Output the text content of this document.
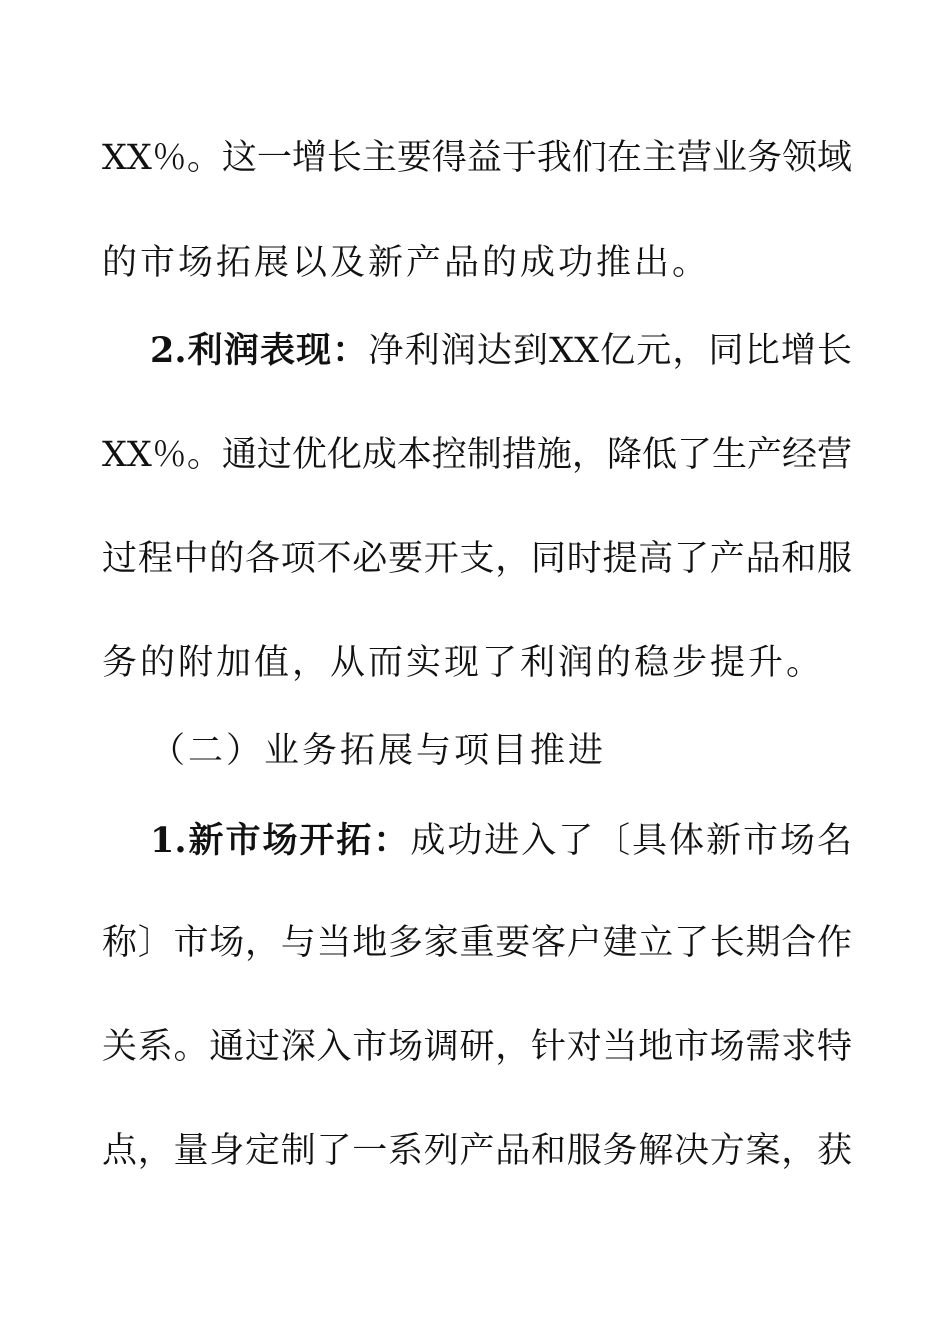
XX％。这一增长主要得益于我们在主营业务领域
的市场拓展以及新产品的成功推出。
2.利润表现：净利润达到XX亿元，同比增长
XX％。通过优化成本控制措施，降低了生产经营
过程中的各项不必要开支，同时提高了产品和服
务的附加值，从而实现了利润的稳步提升。
（二）业务拓展与项目推进
1.新市场开拓：成功进入了〔具体新市场名
称〕市场，与当地多家重要客户建立了长期合作
关系。通过深入市场调研，针对当地市场需求特
点，量身定制了一系列产品和服务解决方案，获
